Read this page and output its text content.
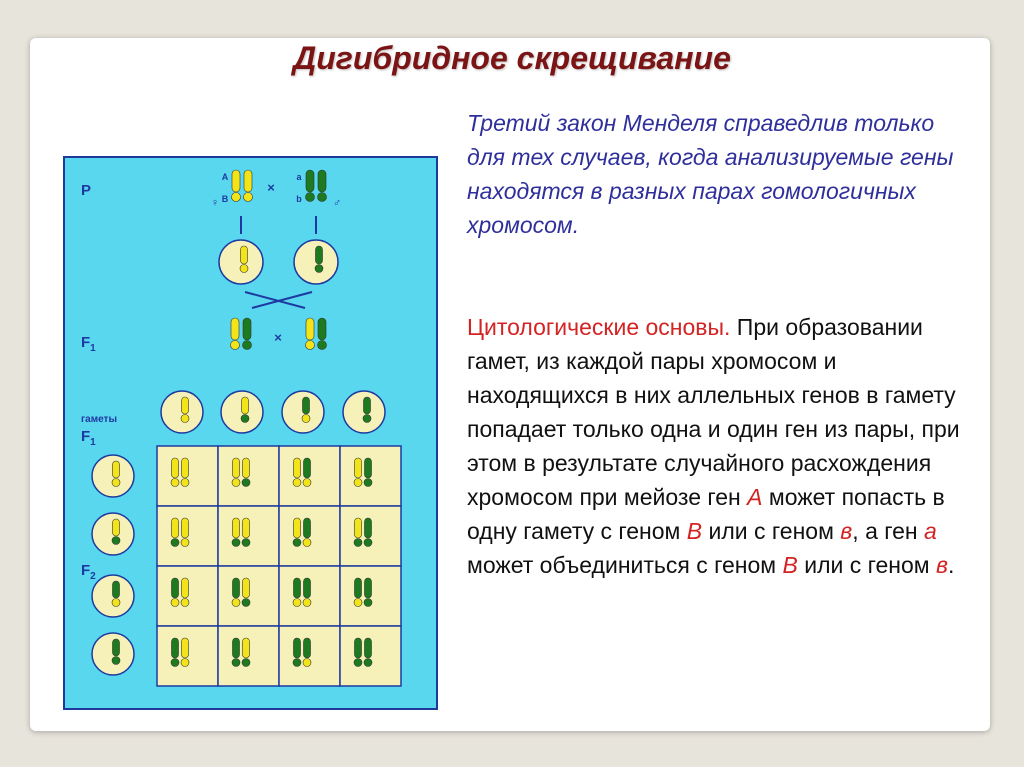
Дигибридное скрещивание
A
B
×
a
b
♀	♂
×
P
$F_1$
гаметы
$F_1$
$F_2$
Третий закон Менделя справедлив только для тех случаев, когда анализируемые гены находятся в разных парах гомологичных хромосом.
Цитологические основы. При образовании гамет, из каждой пары хромосом и находящихся в них аллельных генов в гамету попадает только одна и один ген из пары, при этом в результате случайного расхождения хромосом при мейозе ген А может попасть в одну гамету с геном В или с геном в, а ген а может объединиться с геном В или с геном в.
